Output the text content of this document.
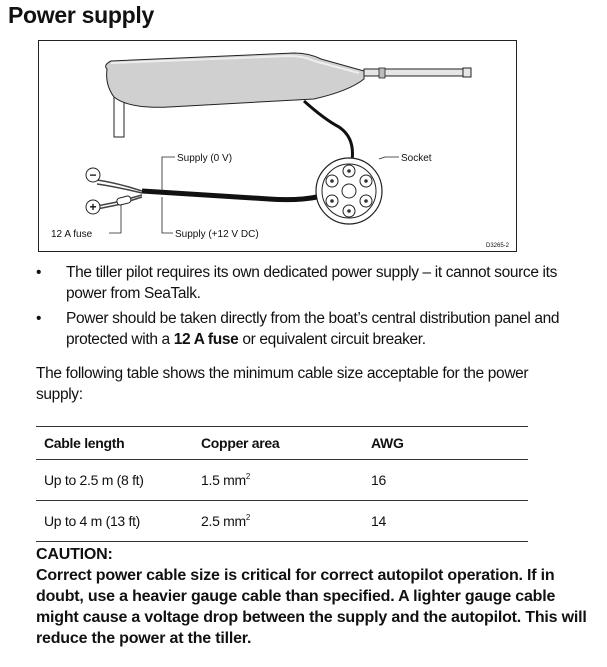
Power supply
−
+
Supply (0 V)	Socket
12 A fuse	Supply (+12 V DC)
D3265-2
• The tiller pilot requires its own dedicated power supply – it cannot source its power from SeaTalk.
• Power should be taken directly from the boat’s central distribution panel and protected with a 12 A fuse or equivalent circuit breaker.
The following table shows the minimum cable size acceptable for the power supply:
Cable length	Copper area	AWG
Up to 2.5 m (8 ft)	1.5 $mm^2$	16
Up to 4 m (13 ft)	2.5 $mm^2$	14
CAUTION:
Correct power cable size is critical for correct autopilot operation. If in doubt, use a heavier gauge cable than specified. A lighter gauge cable might cause a voltage drop between the supply and the autopilot. This will reduce the power at the tiller.
